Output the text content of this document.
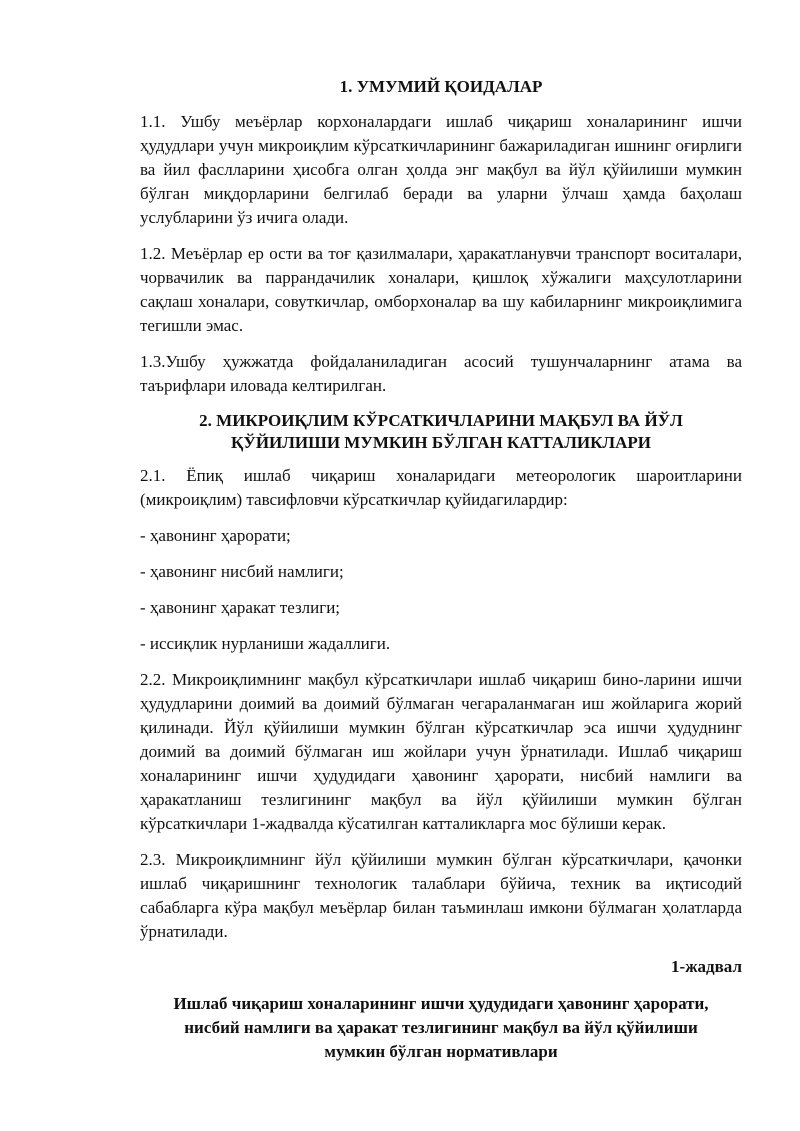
1. УМУМИЙ ҚОИДАЛАР

1.1. Ушбу меъёрлар корхоналардаги ишлаб чиқариш хоналарининг ишчи ҳудудлари учун микроиқлим кўрсаткичларининг бажариладиган ишнинг оғирлиги ва йил фаслларини ҳисобга олган ҳолда энг мақбул ва йўл қўйилиши мумкин бўлган миқдорларини белгилаб беради ва уларни ўлчаш ҳамда баҳолаш услубларини ўз ичига олади.

1.2. Меъёрлар ер ости ва тоғ қазилмалари, ҳаракатланувчи транспорт воситалари, чорвачилик ва паррандачилик хоналари, қишлоқ хўжалиги маҳсулотларини сақлаш хоналари, совуткичлар, омборхоналар ва шу кабиларнинг микроиқлимига тегишли эмас.

1.3.Ушбу ҳужжатда фойдаланиладиган асосий тушунчаларнинг атама ва таърифлари иловада келтирилган.

2. МИКРОИҚЛИМ КЎРСАТКИЧЛАРИНИ МАҚБУЛ ВА ЙЎЛ
ҚЎЙИЛИШИ МУМКИН БЎЛГАН КАТТАЛИКЛАРИ

2.1. Ёпиқ ишлаб чиқариш хоналаридаги метеорологик шароитларини (микроиқлим) тавсифловчи кўрсаткичлар қуйидагилардир:

- ҳавонинг ҳарорати;
- ҳавонинг нисбий намлиги;
- ҳавонинг ҳаракат тезлиги;
- иссиқлик нурланиши жадаллиги.

2.2. Микроиқлимнинг мақбул кўрсаткичлари ишлаб чиқариш бино-ларини ишчи ҳудудларини доимий ва доимий бўлмаган чегараланмаган иш жойларига жорий қилинади. Йўл қўйилиши мумкин бўлган кўрсаткичлар эса ишчи ҳудуднинг доимий ва доимий бўлмаган иш жойлари учун ўрнатилади. Ишлаб чиқариш хоналарининг ишчи ҳудудидаги ҳавонинг ҳарорати, нисбий намлиги ва ҳаракатланиш тезлигининг мақбул ва йўл қўйилиши мумкин бўлган кўрсаткичлари 1-жадвалда кўсатилган катталикларга мос бўлиши керак.

2.3. Микроиқлимнинг йўл қўйилиши мумкин бўлган кўрсаткичлари, қачонки ишлаб чиқаришнинг технологик талаблари бўйича, техник ва иқтисодий сабабларга кўра мақбул меъёрлар билан таъминлаш имкони бўлмаган ҳолатларда ўрнатилади.

1-жадвал
Ишлаб чиқариш хоналарининг ишчи ҳудудидаги ҳавонинг ҳарорати,
нисбий намлиги ва ҳаракат тезлигининг мақбул ва йўл қўйилиши
мумкин бўлган нормативлари
